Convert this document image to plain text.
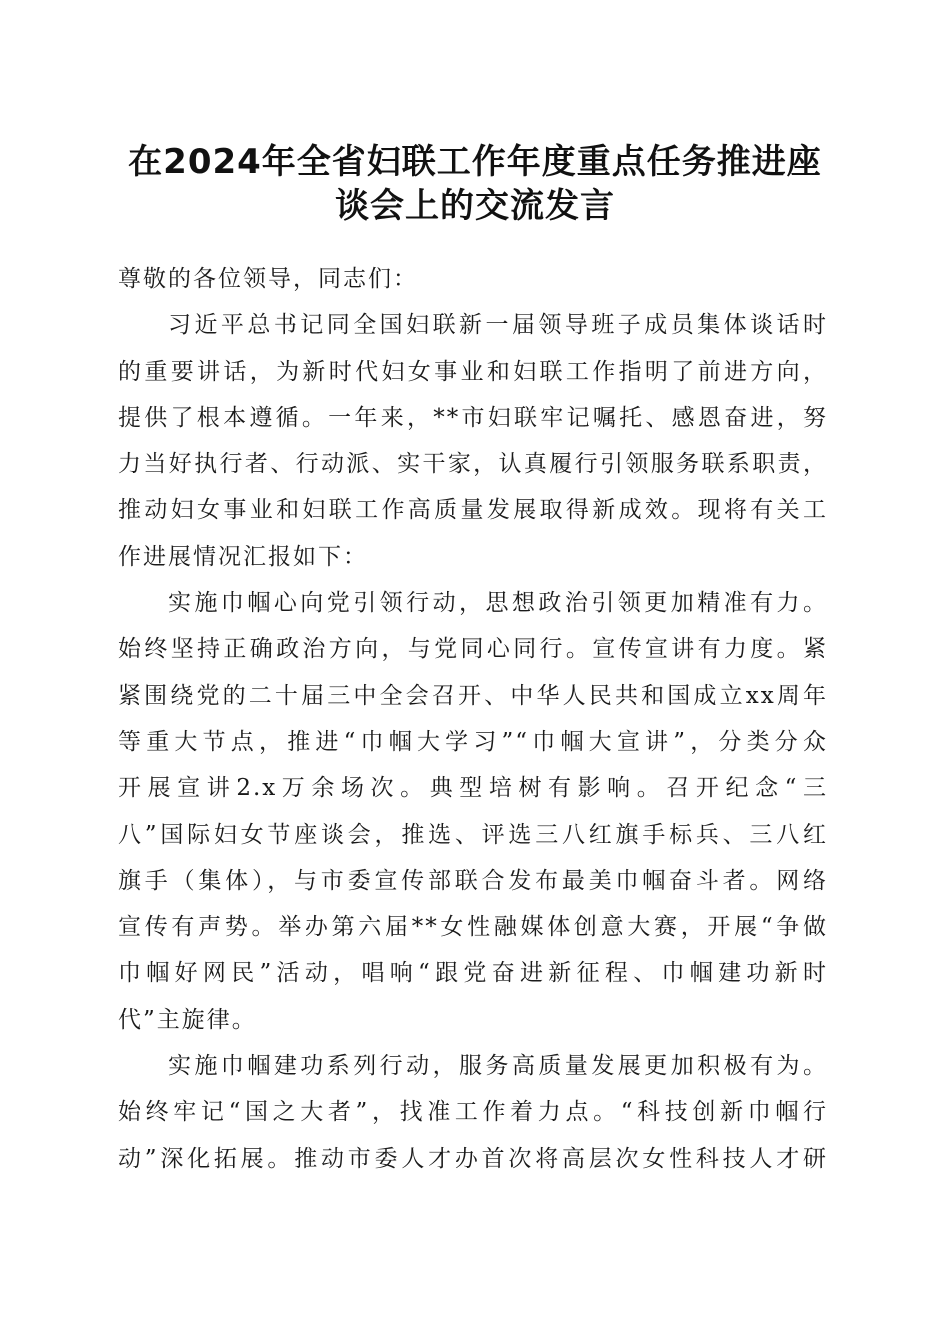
在2024年全省妇联工作年度重点任务推进座
谈会上的交流发言
尊敬的各位领导，同志们：
习近平总书记同全国妇联新一届领导班子成员集体谈话时
的重要讲话，为新时代妇女事业和妇联工作指明了前进方向，
提供了根本遵循。一年来，**市妇联牢记嘱托、感恩奋进，努
力当好执行者、行动派、实干家，认真履行引领服务联系职责，
推动妇女事业和妇联工作高质量发展取得新成效。现将有关工
作进展情况汇报如下：
实施巾帼心向党引领行动，思想政治引领更加精准有力。
始终坚持正确政治方向，与党同心同行。宣传宣讲有力度。紧
紧围绕党的二十届三中全会召开、中华人民共和国成立xx周年
等重大节点，推进“巾帼大学习”“巾帼大宣讲”，分类分众
开展宣讲2.x万余场次。典型培树有影响。召开纪念“三
八”国际妇女节座谈会，推选、评选三八红旗手标兵、三八红
旗手（集体），与市委宣传部联合发布最美巾帼奋斗者。网络
宣传有声势。举办第六届**女性融媒体创意大赛，开展“争做
巾帼好网民”活动，唱响“跟党奋进新征程、巾帼建功新时
代”主旋律。
实施巾帼建功系列行动，服务高质量发展更加积极有为。
始终牢记“国之大者”，找准工作着力点。“科技创新巾帼行
动”深化拓展。推动市委人才办首次将高层次女性科技人才研
